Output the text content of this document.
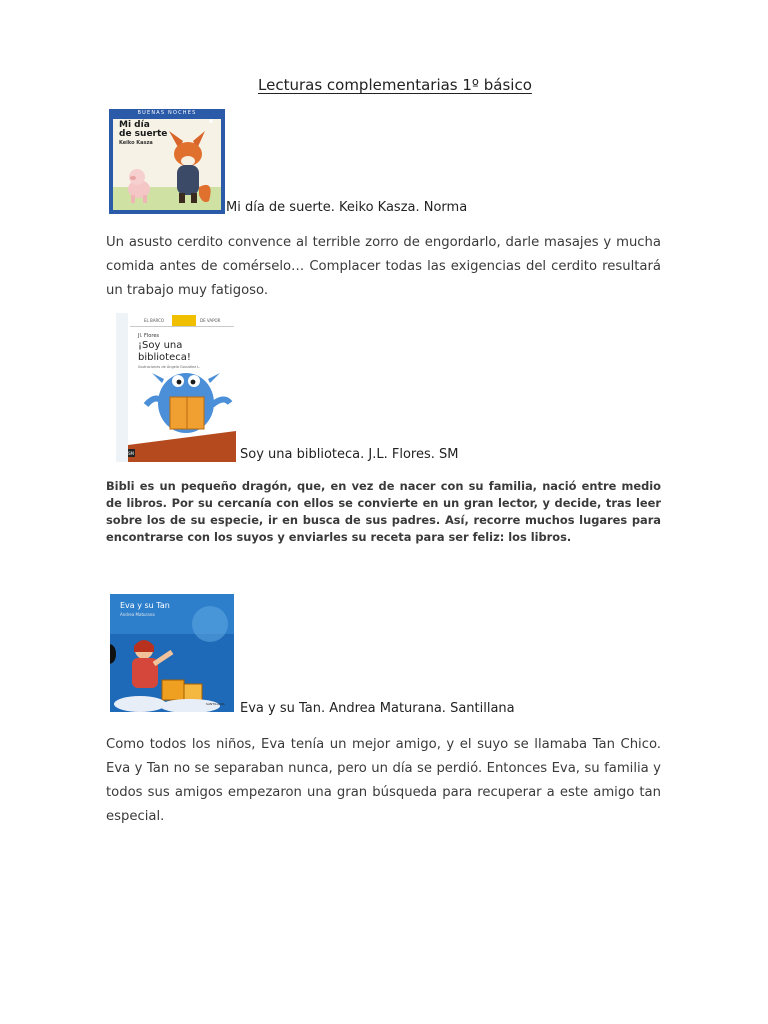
Lecturas complementarias 1º básico
BUENAS NOCHES
Mi día
de suerte
Keiko Kasza
Mi día de suerte. Keiko Kasza. Norma

Un asusto cerdito convence al terrible zorro de engordarlo, darle masajes y mucha comida antes de comérselo… Complacer todas las exigencias del cerdito resultará un trabajo muy fatigoso.

EL BARCO	DE VAPOR
Jl. Flores
¡Soy una
biblioteca!
Ilustraciones de Ángela González L.
SM	Soy una biblioteca. J.L. Flores. SM

Bibli es un pequeño dragón, que, en vez de nacer con su familia, nació entre medio de libros. Por su cercanía con ellos se convierte en un gran lector, y decide, tras leer sobre los de su especie, ir en busca de sus padres. Así, recorre muchos lugares para encontrarse con los suyos y enviarles su receta para ser feliz: los libros.

Eva y su Tan
Andrea Maturana
SANTILLANA Eva y su Tan. Andrea Maturana. Santillana

Como todos los niños, Eva tenía un mejor amigo, y el suyo se llamaba Tan Chico. Eva y Tan no se separaban nunca, pero un día se perdió. Entonces Eva, su familia y todos sus amigos empezaron una gran búsqueda para recuperar a este amigo tan especial.
